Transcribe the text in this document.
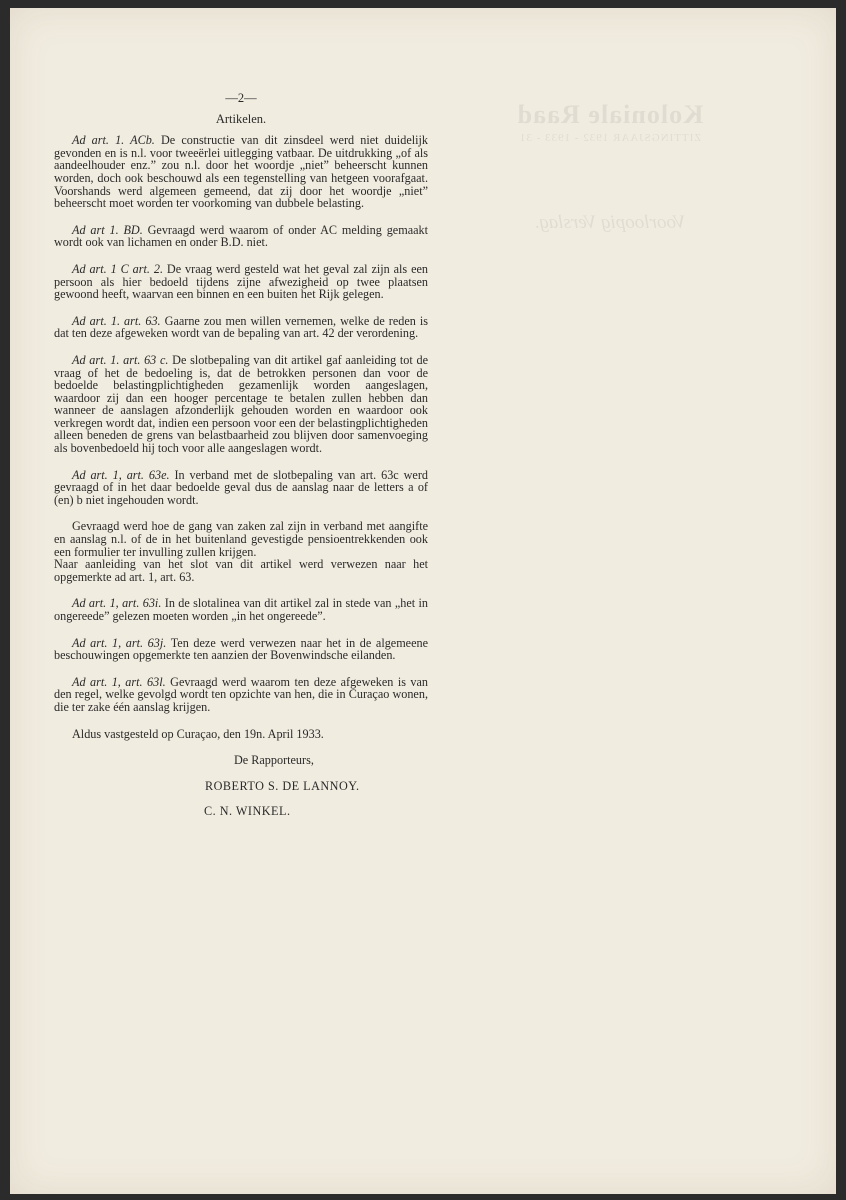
Koloniale Raad
ZITTINGSJAAR 1932 - 1933 - 31
Voorloopig Verslag.
—2—
Artikelen.

Ad art. 1. ACb. De constructie van dit zinsdeel werd niet duidelijk gevonden en is n.l. voor tweeërlei uitlegging vatbaar. De uitdrukking „of als aandeelhouder enz.” zou n.l. door het woordje „niet” beheerscht kunnen worden, doch ook beschouwd als een tegenstelling van hetgeen voorafgaat. Voorshands werd algemeen gemeend, dat zij door het woordje „niet” beheerscht moet worden ter voorkoming van dubbele belasting.

Ad art 1. BD. Gevraagd werd waarom of onder AC melding gemaakt wordt ook van lichamen en onder B.D. niet.

Ad art. 1 C art. 2. De vraag werd gesteld wat het geval zal zijn als een persoon als hier bedoeld tijdens zijne afwezigheid op twee plaatsen gewoond heeft, waarvan een binnen en een buiten het Rijk gelegen.

Ad art. 1. art. 63. Gaarne zou men willen vernemen, welke de reden is dat ten deze afgeweken wordt van de bepaling van art. 42 der verordening.

Ad art. 1. art. 63 c. De slotbepaling van dit artikel gaf aanleiding tot de vraag of het de bedoeling is, dat de betrokken personen dan voor de bedoelde belastingplichtigheden gezamenlijk worden aangeslagen, waardoor zij dan een hooger percentage te betalen zullen hebben dan wanneer de aanslagen afzonderlijk gehouden worden en waardoor ook verkregen wordt dat, indien een persoon voor een der belastingplichtigheden alleen beneden de grens van belastbaarheid zou blijven door samenvoeging als bovenbedoeld hij toch voor alle aangeslagen wordt.

Ad art. 1, art. 63e. In verband met de slotbepaling van art. 63c werd gevraagd of in het daar bedoelde geval dus de aanslag naar de letters a of (en) b niet ingehouden wordt.

Gevraagd werd hoe de gang van zaken zal zijn in verband met aangifte en aanslag n.l. of de in het buitenland gevestigde pensioentrekkenden ook een formulier ter invulling zullen krijgen.

Naar aanleiding van het slot van dit artikel werd verwezen naar het opgemerkte ad art. 1, art. 63.

Ad art. 1, art. 63i. In de slotalinea van dit artikel zal in stede van „het in ongereede” gelezen moeten worden „in het ongereede”.

Ad art. 1, art. 63j. Ten deze werd verwezen naar het in de algemeene beschouwingen opgemerkte ten aanzien der Bovenwindsche eilanden.

Ad art. 1, art. 63l. Gevraagd werd waarom ten deze afgeweken is van den regel, welke gevolgd wordt ten opzichte van hen, die in Curaçao wonen, die ter zake één aanslag krijgen.

Aldus vastgesteld op Curaçao, den 19n. April 1933.

De Rapporteurs,

ROBERTO S. DE LANNOY.

C. N. WINKEL.
